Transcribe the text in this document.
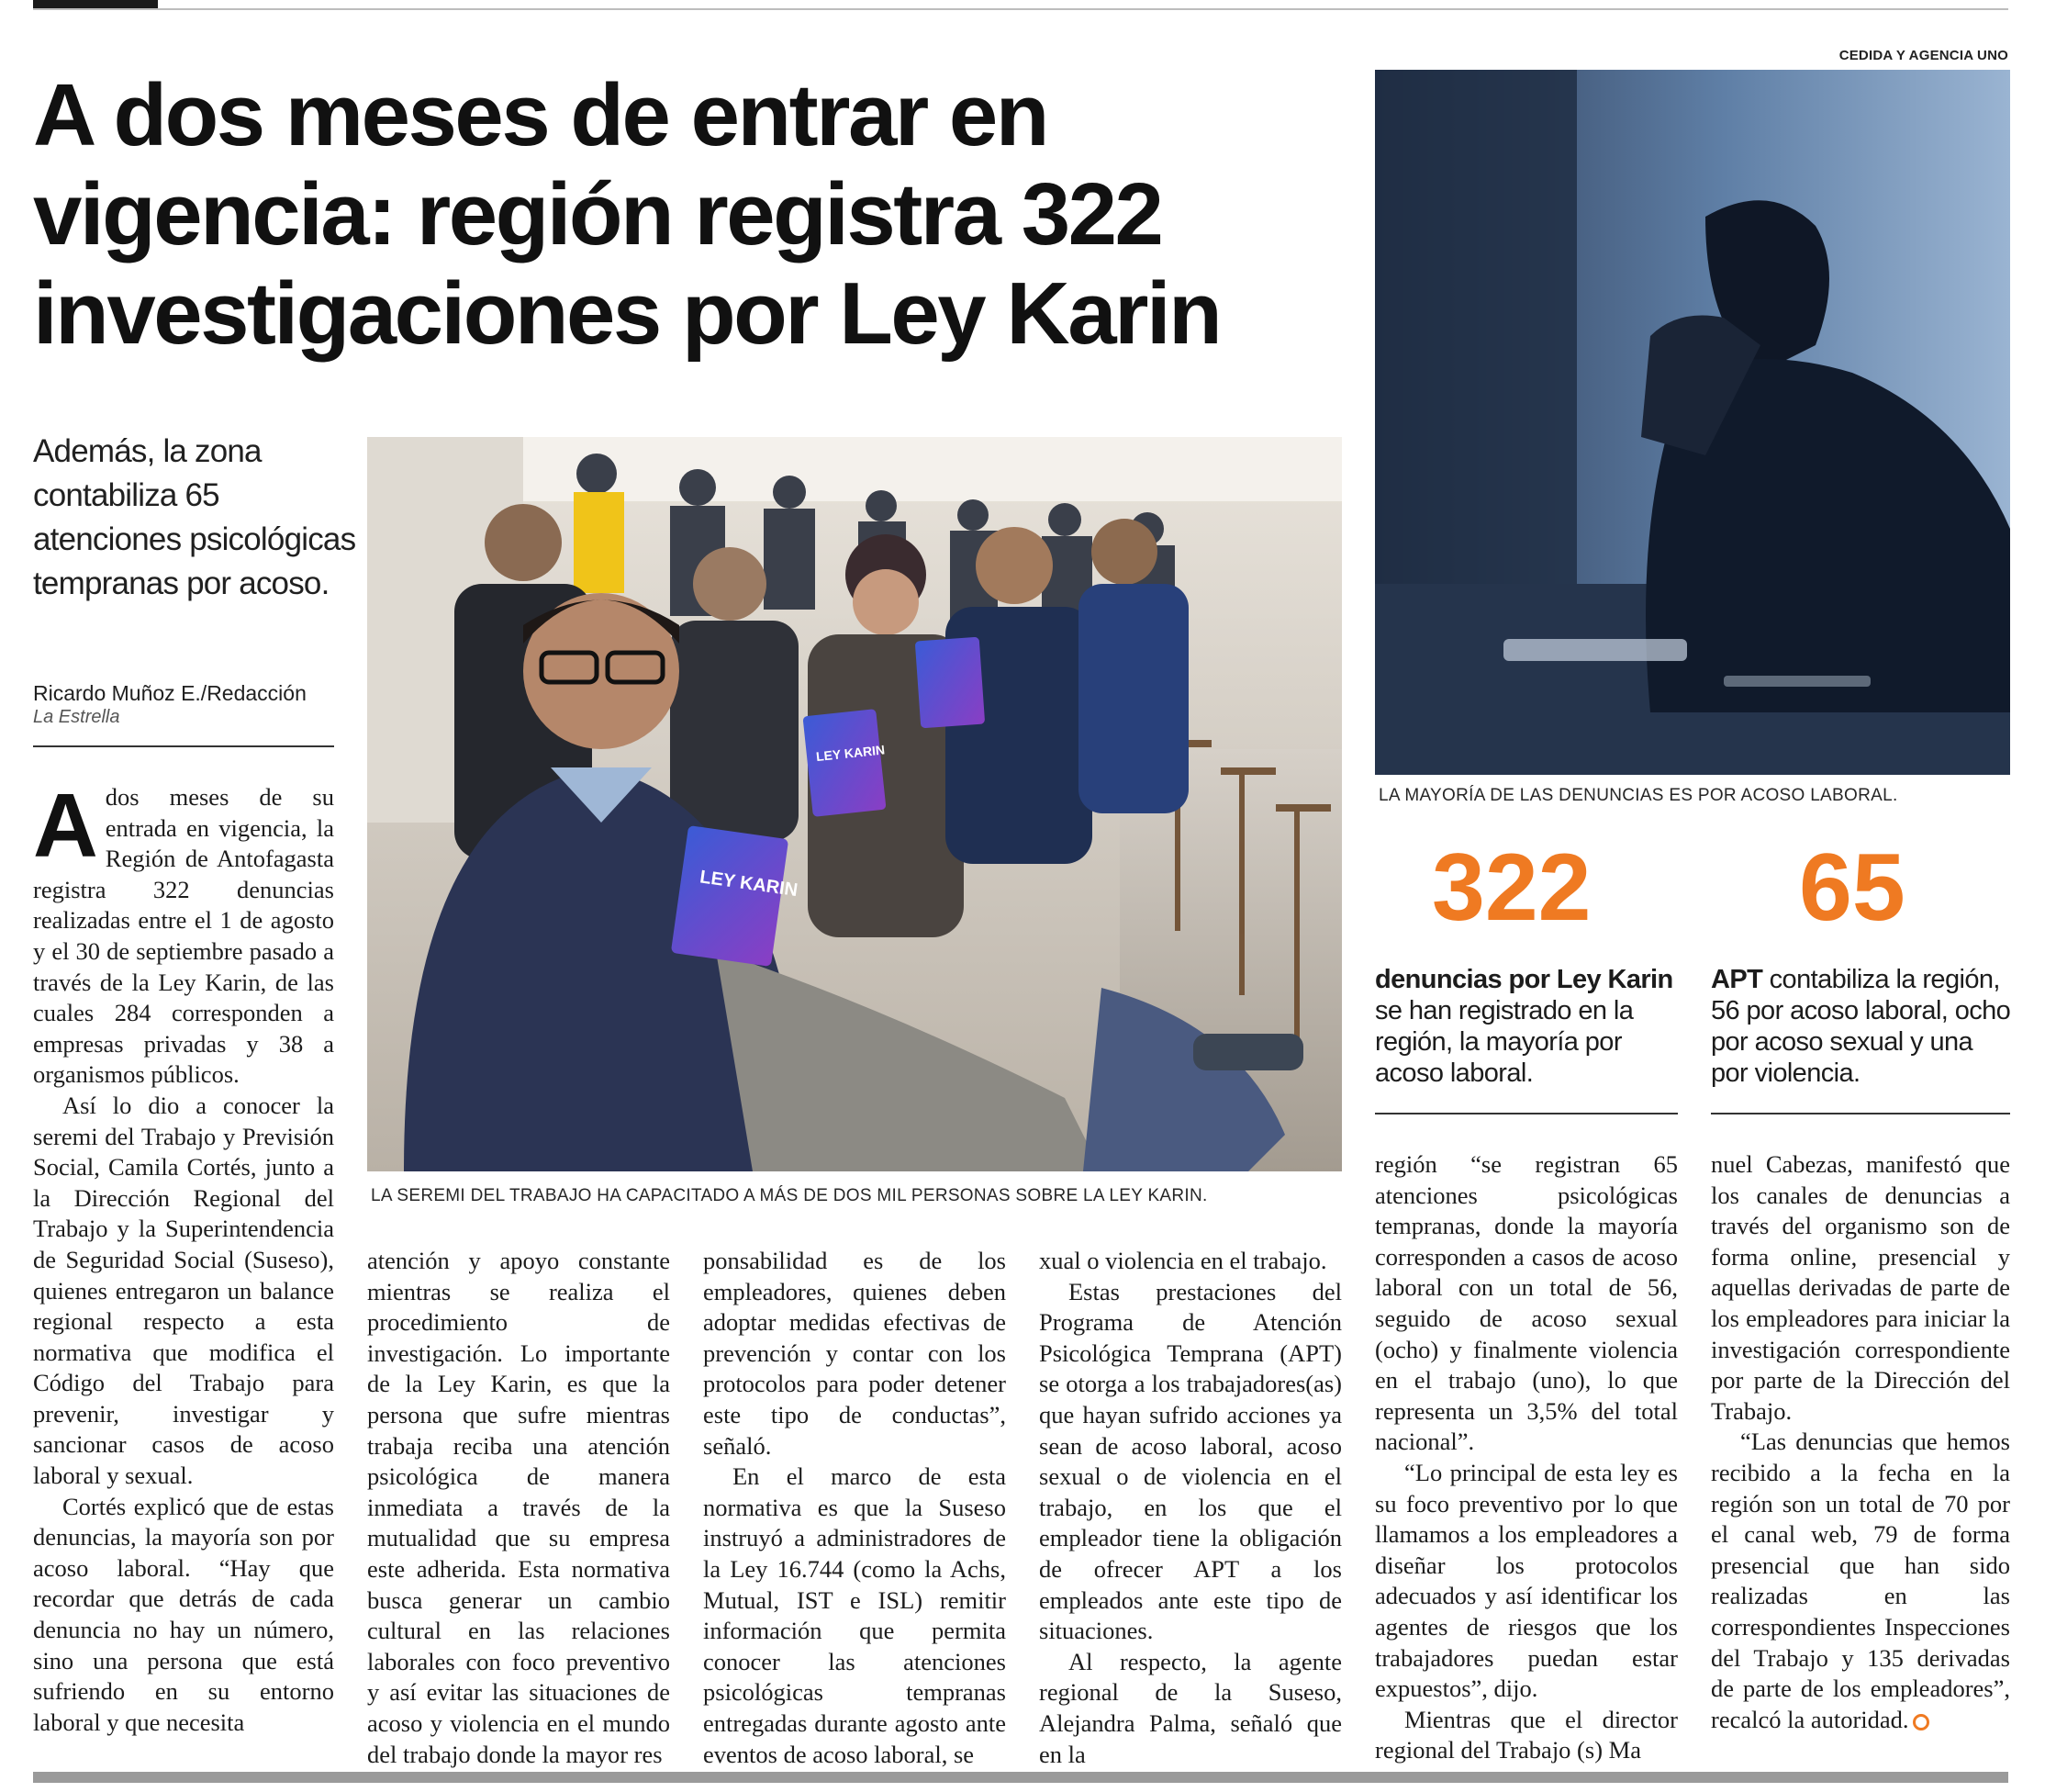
CEDIDA Y AGENCIA UNO
A dos meses de entrar en vigencia: región registra 322 investigaciones por Ley Karin
Además, la zona contabiliza 65 atenciones psicológicas tempranas por acoso.
Ricardo Muñoz E./Redacción
La Estrella
LEY KARIN
LEY KARIN
LA SEREMI DEL TRABAJO HA CAPACITADO A MÁS DE DOS MIL PERSONAS SOBRE LA LEY KARIN.
LA MAYORÍA DE LAS DENUNCIAS ES POR ACOSO LABORAL.
322 65
denuncias por Ley Karin se han registrado en la región, la mayoría por acoso laboral.
APT contabiliza la región, 56 por acoso laboral, ocho por acoso sexual y una por violencia.

A dos meses de su entrada en vigencia, la Región de Antofagasta registra 322 denuncias realizadas entre el 1 de agosto y el 30 de septiembre pasado a través de la Ley Karin, de las cuales 284 corresponden a empresas privadas y 38 a organismos públicos.

Así lo dio a conocer la seremi del Trabajo y Previsión Social, Camila Cortés, junto a la Dirección Regional del Trabajo y la Superintendencia de Seguridad Social (Suseso), quienes entregaron un balance regional respecto a esta normativa que modifica el Código del Trabajo para prevenir, investigar y sancionar casos de acoso laboral y sexual.

Cortés explicó que de estas denuncias, la mayoría son por acoso laboral. “Hay que recordar que detrás de cada denuncia no hay un número, sino una persona que está sufriendo en su entorno laboral y que necesita

atención y apoyo constante mientras se realiza el procedimiento de investigación. Lo importante de la Ley Karin, es que la persona que sufre mientras trabaja reciba una atención psicológica de manera inmediata a través de la mutualidad que su empresa este adherida. Esta normativa busca generar un cambio cultural en las relaciones laborales con foco preventivo y así evitar las situaciones de acoso y violencia en el mundo del trabajo donde la mayor res

ponsabilidad es de los empleadores, quienes deben adoptar medidas efectivas de prevención y contar con los protocolos para poder detener este tipo de conductas”, señaló.

En el marco de esta normativa es que la Suseso instruyó a administradores de la Ley 16.744 (como la Achs, Mutual, IST e ISL) remitir información que permita conocer las atenciones psicológicas tempranas entregadas durante agosto ante eventos de acoso laboral, se

xual o violencia en el trabajo.

Estas prestaciones del Programa de Atención Psicológica Temprana (APT) se otorga a los trabajadores(as) que hayan sufrido acciones ya sean de acoso laboral, acoso sexual o de violencia en el trabajo, en los que el empleador tiene la obligación de ofrecer APT a los empleados ante este tipo de situaciones.

Al respecto, la agente regional de la Suseso, Alejandra Palma, señaló que en la

región “se registran 65 atenciones psicológicas tempranas, donde la mayoría corresponden a casos de acoso laboral con un total de 56, seguido de acoso sexual (ocho) y finalmente violencia en el trabajo (uno), lo que representa un 3,5% del total nacional”.

“Lo principal de esta ley es su foco preventivo por lo que llamamos a los empleadores a diseñar los protocolos adecuados y así identificar los agentes de riesgos que los trabajadores puedan estar expuestos”, dijo.

Mientras que el director regional del Trabajo (s) Ma

nuel Cabezas, manifestó que los canales de denuncias a través del organismo son de forma online, presencial y aquellas derivadas de parte de los empleadores para iniciar la investigación correspondiente por parte de la Dirección del Trabajo.

“Las denuncias que hemos recibido a la fecha en la región son un total de 70 por el canal web, 79 de forma presencial que han sido realizadas en las correspondientes Inspecciones del Trabajo y 135 derivadas de parte de los empleadores”, recalcó la autoridad.
